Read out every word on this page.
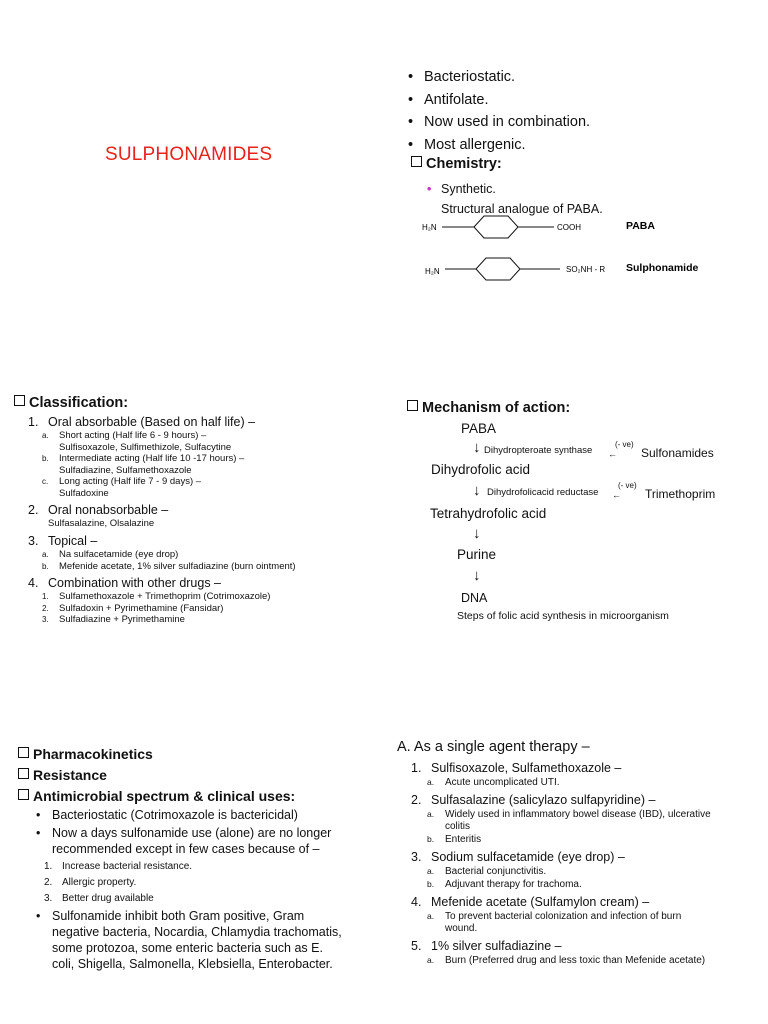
SULPHONAMIDES
• Bacteriostatic.
• Antifolate.
• Now used in combination.
• Most allergenic.
Chemistry:
• Synthetic.
• Structural analogue of PABA.
H₂N	COOH	PABA
H₂N	SO₂NH - R Sulphonamide
Classification:
1. Oral absorbable (Based on half life) –
a. Short acting (Half life 6 - 9 hours) –
Sulfisoxazole, Sulfimethizole, Sulfacytine
b. Intermediate acting (Half life 10 -17 hours) –
Sulfadiazine, Sulfamethoxazole
c. Long acting (Half life 7 - 9 days) –
Sulfadoxine
2. Oral nonabsorbable –
Sulfasalazine, Olsalazine
3. Topical –
a. Na sulfacetamide (eye drop)
b. Mefenide acetate, 1% silver sulfadiazine (burn ointment)
4. Combination with other drugs –
1. Sulfamethoxazole + Trimethoprim (Cotrimoxazole)
2. Sulfadoxin + Pyrimethamine (Fansidar)
3. Sulfadiazine + Pyrimethamine
Mechanism of action:
PABA
↓ Dihydropteroate synthase ←
(- ve)
Sulfonamides
Dihydrofolic acid
↓ Dihydrofolicacid reductase ←
(- ve)
Trimethoprim
Tetrahydrofolic acid
↓
Purine
↓
DNA
Steps of folic acid synthesis in microorganism
Pharmacokinetics
Resistance
Antimicrobial spectrum & clinical uses:
• Bacteriostatic (Cotrimoxazole is bactericidal)
• Now a days sulfonamide use (alone) are no longer
recommended except in few cases because of –
1. Increase bacterial resistance.
2. Allergic property.
3. Better drug available
• Sulfonamide inhibit both Gram positive, Gram
negative bacteria, Nocardia, Chlamydia trachomatis,
some protozoa, some enteric bacteria such as E.
coli, Shigella, Salmonella, Klebsiella, Enterobacter.
A. As a single agent therapy –
1. Sulfisoxazole, Sulfamethoxazole –
a. Acute uncomplicated UTI.
2. Sulfasalazine (salicylazo sulfapyridine) –
a. Widely used in inflammatory bowel disease (IBD), ulcerative
colitis
b. Enteritis
3. Sodium sulfacetamide (eye drop) –
a. Bacterial conjunctivitis.
b. Adjuvant therapy for trachoma.
4. Mefenide acetate (Sulfamylon cream) –
a. To prevent bacterial colonization and infection of burn
wound.
5. 1% silver sulfadiazine –
a. Burn (Preferred drug and less toxic than Mefenide acetate)
